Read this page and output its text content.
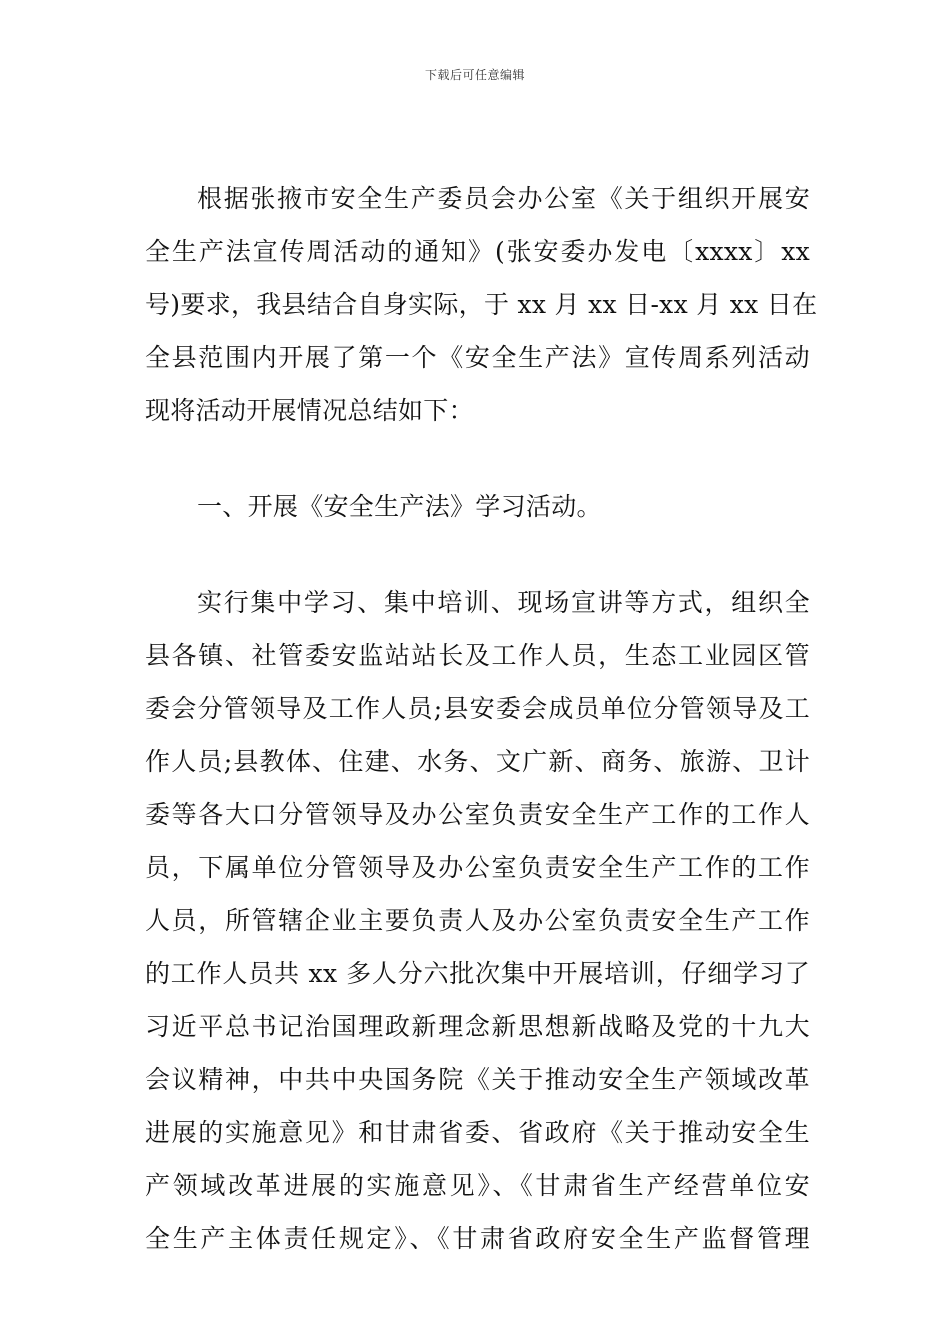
下载后可任意编辑
根据张掖市安全生产委员会办公室《关于组织开展安
全生产法宣传周活动的通知》(张安委办发电〔xxxx〕xx
号)要求，我县结合自身实际，于 xx 月 xx 日-xx 月 xx 日在
全县范围内开展了第一个《安全生产法》宣传周系列活动
现将活动开展情况总结如下：
一、开展《安全生产法》学习活动。
实行集中学习、集中培训、现场宣讲等方式，组织全
县各镇、社管委安监站站长及工作人员，生态工业园区管
委会分管领导及工作人员;县安委会成员单位分管领导及工
作人员;县教体、住建、水务、文广新、商务、旅游、卫计
委等各大口分管领导及办公室负责安全生产工作的工作人
员，下属单位分管领导及办公室负责安全生产工作的工作
人员，所管辖企业主要负责人及办公室负责安全生产工作
的工作人员共 xx 多人分六批次集中开展培训，仔细学习了
习近平总书记治国理政新理念新思想新战略及党的十九大
会议精神，中共中央国务院《关于推动安全生产领域改革
进展的实施意见》和甘肃省委、省政府《关于推动安全生
产领域改革进展的实施意见》、《甘肃省生产经营单位安
全生产主体责任规定》、《甘肃省政府安全生产监督管理
